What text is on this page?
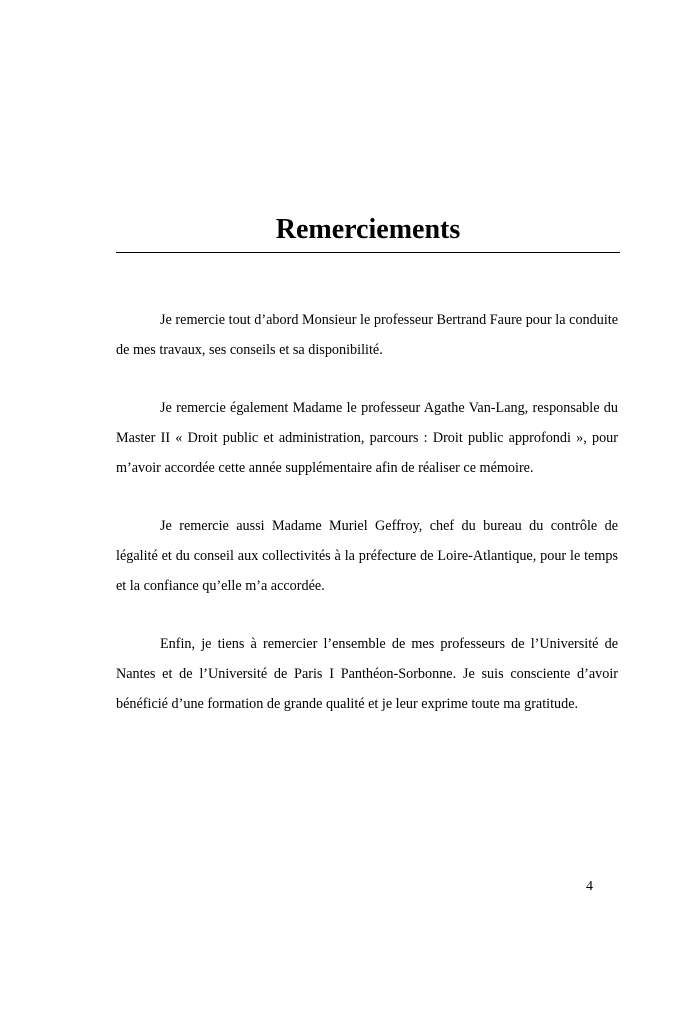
Remerciements
Je remercie tout d’abord Monsieur le professeur Bertrand Faure pour la conduite
de mes travaux, ses conseils et sa disponibilité.
Je remercie également Madame le professeur Agathe Van-Lang, responsable du
Master II « Droit public et administration, parcours : Droit public approfondi », pour
m’avoir accordée cette année supplémentaire afin de réaliser ce mémoire.
Je remercie aussi Madame Muriel Geffroy, chef du bureau du contrôle de
légalité et du conseil aux collectivités à la préfecture de Loire-Atlantique, pour le temps
et la confiance qu’elle m’a accordée.
Enfin, je tiens à remercier l’ensemble de mes professeurs de l’Université de
Nantes et de l’Université de Paris I Panthéon-Sorbonne. Je suis consciente d’avoir
bénéficié d’une formation de grande qualité et je leur exprime toute ma gratitude.
4
